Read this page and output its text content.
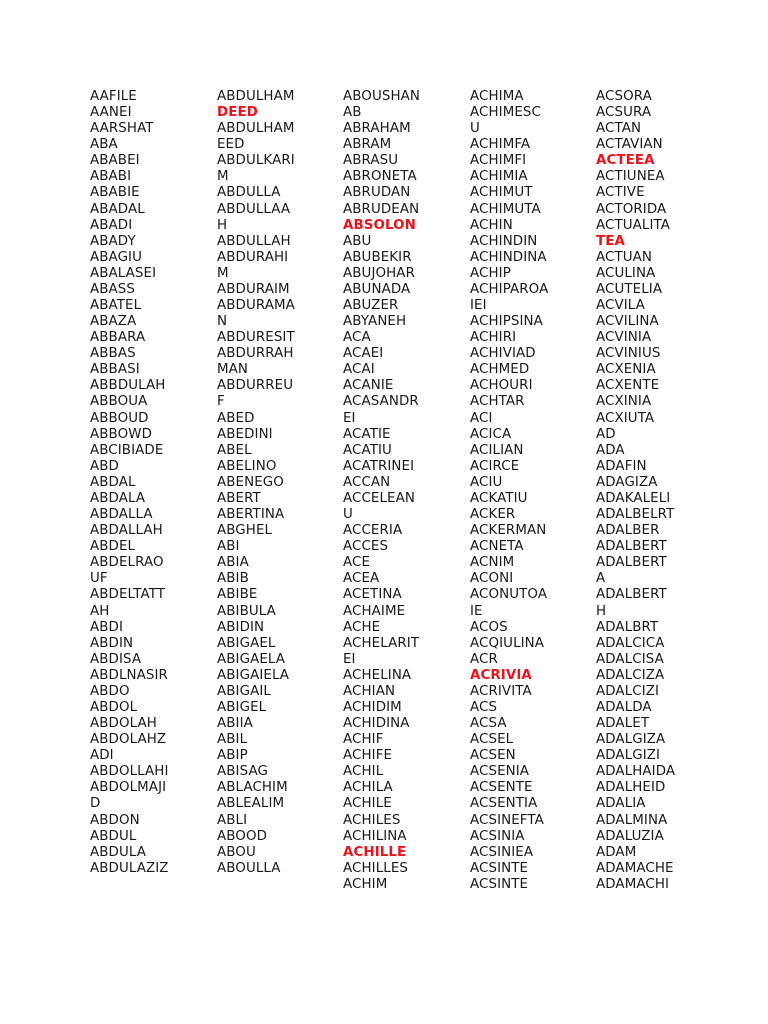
AAFILE
AANEI
AARSHAT
ABA
ABABEI
ABABI
ABABIE
ABADAL
ABADI
ABADY
ABAGIU
ABALASEI
ABASS
ABATEL
ABAZA
ABBARA
ABBAS
ABBASI
ABBDULAH
ABBOUA
ABBOUD
ABBOWD
ABCIBIADE
ABD
ABDAL
ABDALA
ABDALLA
ABDALLAH
ABDEL
ABDELRAO
UF
ABDELTATT
AH
ABDI
ABDIN
ABDISA
ABDLNASIR
ABDO
ABDOL
ABDOLAH
ABDOLAHZ
ADI
ABDOLLAHI
ABDOLMAJI
D
ABDON
ABDUL
ABDULA
ABDULAZIZ
ABDULHAM
DEED
ABDULHAM
EED
ABDULKARI
M
ABDULLA
ABDULLAA
H
ABDULLAH
ABDURAHI
M
ABDURAIM
ABDURAMA
N
ABDURESIT
ABDURRAH
MAN
ABDURREU
F
ABED
ABEDINI
ABEL
ABELINO
ABENEGO
ABERT
ABERTINA
ABGHEL
ABI
ABIA
ABIB
ABIBE
ABIBULA
ABIDIN
ABIGAEL
ABIGAELA
ABIGAIELA
ABIGAIL
ABIGEL
ABIIA
ABIL
ABIP
ABISAG
ABLACHIM
ABLEALIM
ABLI
ABOOD
ABOU
ABOULLA
ABOUSHAN
AB
ABRAHAM
ABRAM
ABRASU
ABRONETA
ABRUDAN
ABRUDEAN
ABSOLON
ABU
ABUBEKIR
ABUJOHAR
ABUNADA
ABUZER
ABYANEH
ACA
ACAEI
ACAI
ACANIE
ACASANDR
EI
ACATIE
ACATIU
ACATRINEI
ACCAN
ACCELEAN
U
ACCERIA
ACCES
ACE
ACEA
ACETINA
ACHAIME
ACHE
ACHELARIT
EI
ACHELINA
ACHIAN
ACHIDIM
ACHIDINA
ACHIF
ACHIFE
ACHIL
ACHILA
ACHILE
ACHILES
ACHILINA
ACHILLE
ACHILLES
ACHIM
ACHIMA
ACHIMESC
U
ACHIMFA
ACHIMFI
ACHIMIA
ACHIMUT
ACHIMUTA
ACHIN
ACHINDIN
ACHINDINA
ACHIP
ACHIPAROA
IEI
ACHIPSINA
ACHIRI
ACHIVIAD
ACHMED
ACHOURI
ACHTAR
ACI
ACICA
ACILIAN
ACIRCE
ACIU
ACKATIU
ACKER
ACKERMAN
ACNETA
ACNIM
ACONI
ACONUTOA
IE
ACOS
ACQIULINA
ACR
ACRIVIA
ACRIVITA
ACS
ACSA
ACSEL
ACSEN
ACSENIA
ACSENTE
ACSENTIA
ACSINEFTA
ACSINIA
ACSINIEA
ACSINTE
ACSINTE
ACSORA
ACSURA
ACTAN
ACTAVIAN
ACTEEA
ACTIUNEA
ACTIVE
ACTORIDA
ACTUALITA
TEA
ACTUAN
ACULINA
ACUTELIA
ACVILA
ACVILINA
ACVINIA
ACVINIUS
ACXENIA
ACXENTE
ACXINIA
ACXIUTA
AD
ADA
ADAFIN
ADAGIZA
ADAKALELI
ADALBELRT
ADALBER
ADALBERT
ADALBERT
A
ADALBERT
H
ADALBRT
ADALCICA
ADALCISA
ADALCIZA
ADALCIZI
ADALDA
ADALET
ADALGIZA
ADALGIZI
ADALHAIDA
ADALHEID
ADALIA
ADALMINA
ADALUZIA
ADAM
ADAMACHE
ADAMACHI
